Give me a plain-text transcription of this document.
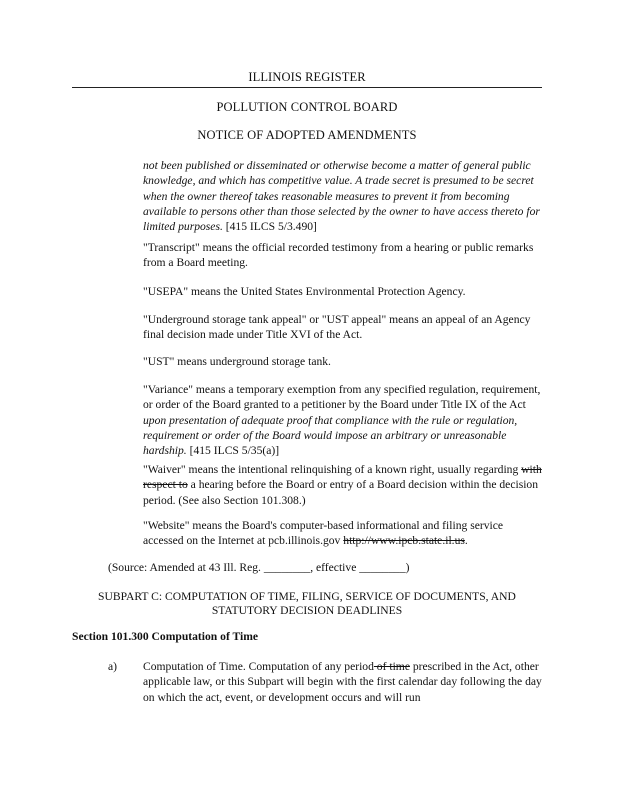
ILLINOIS REGISTER
POLLUTION CONTROL BOARD
NOTICE OF ADOPTED AMENDMENTS
not been published or disseminated or otherwise become a matter of general public knowledge, and which has competitive value. A trade secret is presumed to be secret when the owner thereof takes reasonable measures to prevent it from becoming available to persons other than those selected by the owner to have access thereto for limited purposes. [415 ILCS 5/3.490]
"Transcript" means the official recorded testimony from a hearing or public remarks from a Board meeting.
"USEPA" means the United States Environmental Protection Agency.
"Underground storage tank appeal" or "UST appeal" means an appeal of an Agency final decision made under Title XVI of the Act.
"UST" means underground storage tank.
"Variance" means a temporary exemption from any specified regulation, requirement, or order of the Board granted to a petitioner by the Board under Title IX of the Act upon presentation of adequate proof that compliance with the rule or regulation, requirement or order of the Board would impose an arbitrary or unreasonable hardship. [415 ILCS 5/35(a)]
"Waiver" means the intentional relinquishing of a known right, usually regarding with respect to a hearing before the Board or entry of a Board decision within the decision period. (See also Section 101.308.)
"Website" means the Board's computer-based informational and filing service accessed on the Internet at pcb.illinois.gov http://www.ipcb.state.il.us.
(Source: Amended at 43 Ill. Reg. ________, effective ________)
SUBPART C: COMPUTATION OF TIME, FILING, SERVICE OF DOCUMENTS, AND
STATUTORY DECISION DEADLINES
Section 101.300 Computation of Time
a) Computation of Time. Computation of any period of time prescribed in the Act, other applicable law, or this Subpart will begin with the first calendar day following the day on which the act, event, or development occurs and will run
